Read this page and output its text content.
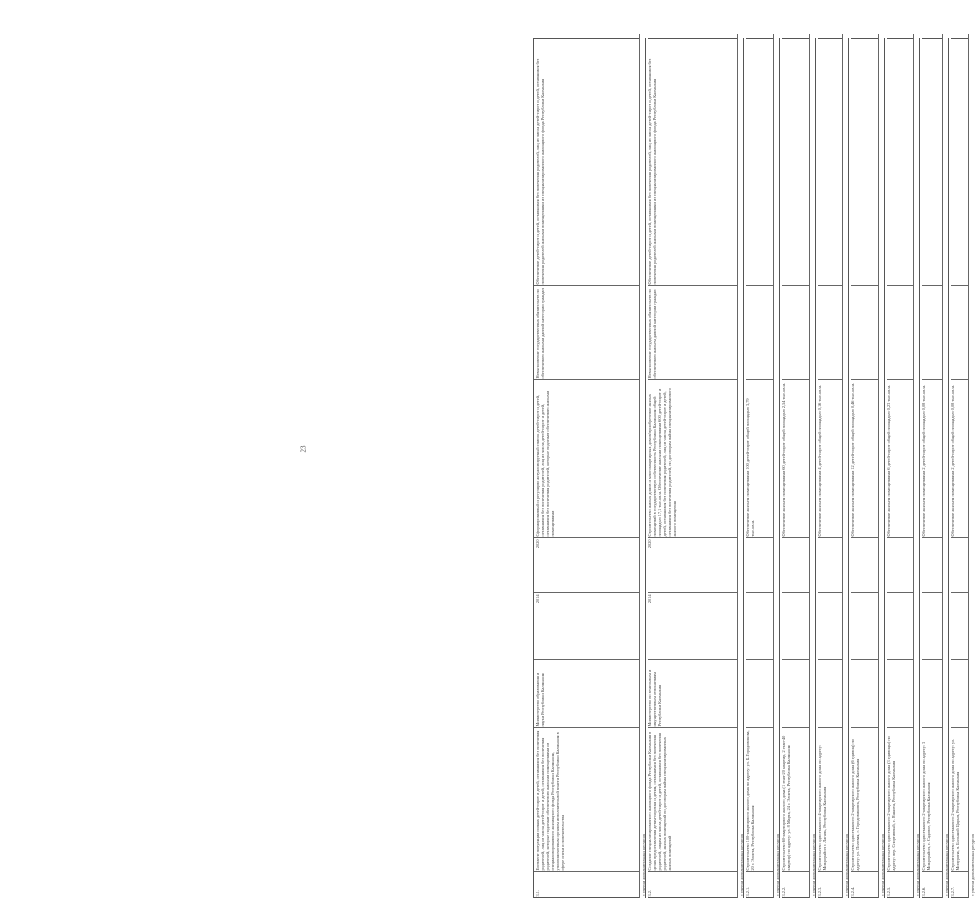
23
3.1.
Еонтаене популяции синаах детей-сирот и детей, оставшихся без попечения родителей, лиц из числа детей-сирот и детей, оставшихся без попечения родителей, которые подлежат обеспечению жилыми помещениями из специализированного жилищного фонда Республики Калмыкия, уполномоченным органом исполнительной власти Республики Калмыкия в сфере опеки и попечительства
Министерство образования и науки Республики Калмыкия
2014
2020
Сформированный и регулярно актуализируемый список детей-сирот и детей, оставшихся без попечения родителей, лиц из числа детей-сирот и детей, оставшихся без попечения родителей, которые подлежат обеспечению жилыми помещениями
Невыполнение государственных обязательств по обеспечению жилыми данной категории граждан
Обеспечение детей-сирот и детей, оставшихся без попечения родителей, лиц из числа детей-сирот и детей, оставшихся без попечения родителей жилыми помещениями из специализированного жилищного фонда Республики Калмыкия
с учетом дополнительных ресурсов 3.2.
Создание специализированного жилищного фонда Республики Калмыкия в целях предоставления детям-сиротам и детям, оставшимся без попечения родителей, лицам из числа детей-сирот и детей, оставшихся без попечения родителей, жилых помещений по договорам найма специализированных жилых помещений
Министерство по земельным и имущественным отношениям Республики Калмыкия
2014
2020
Строительство жилых домов и многоквартирных домов/приобретение жилых помещений в государственную собственность Республики Калмыкия общей площадью 17,1 тыс.кв.м. Обеспечение жилыми помещениями 600 детей-сирот и детей, оставшихся без попечения родителей, лиц из числа детей-сирот и детей, оставшихся без попечения родителей, по договорам найма специализированного жилого помещения
Невыполнение государственных обязательств по обеспечению жильем данной категории граждан
Обеспечение детей-сирот и детей, оставшихся без попечения родителей, лиц из числа детей-сирот и детей, оставшихся без попечения родителей жилыми помещениями из специализированного жилищного фонда Республики Калмыкия
с учетом дополнительных ресурсов 3.2.1.
Строительство 100-квартирного жилого дома по адресу: ул. Б.Городовикова, 20 г. Элиста, Республика Калмыкия
Обеспечение жильем помещениями 100 детей-сирот общей площадью 3,79 тыс.кв.м.
с учетом дополнительных ресурсов 3.2.2.
Строительство 60-квартирного жилого дома (1 этап-20 квартир, 2 этап-40 квартир) по адресу: ул. 8 Марта, 24 г. Элиста, Республика Калмыкия
Обеспечение жильем помещениями 60 детей-сирот общей площадью 2,54 тыс.кв.м.
с учетом дополнительных ресурсов 3.2.3.
Строительство одноэтажного 4-квартирного жилого дома по адресу: Микрорайон г. Лагань, Республика Калмыкия
Обеспечение жильем помещениями 4 детей-сирот общей площадью 0,16 тыс.кв.м.
с учетом дополнительных ресурсов 3.2.4.
Строительство одноэтажного 2-квартирного жилого дома (6 единиц) по адресу: ул. Полевая, г. Городовиковск, Республика Калмыкия
Обеспечение жильем помещениями 12 детей-сирот общей площадью 0,46 тыс.кв.м.
с учетом дополнительных ресурсов 3.2.5.
Строительство одноэтажного 2-квартирного жилого дома (3 единицы) по адресу: пер. Спортивный, с. Яшалта, Республика Калмыкия
Обеспечение жильем помещениями 6 детей-сирот общей площадью 0,23 тыс.кв.м.
с учетом дополнительных ресурсов 3.2.6.
Строительство одноэтажного 2-квартирного жилого дома по адресу: 3 Микрорайон, с. Садовое, Республика Калмыкия
Обеспечение жильем помещениями 2 детей-сирот общей площадью 0,08 тыс.кв.м.
с учетом дополнительных ресурсов 3.2.7.
Строительство одноэтажного 2-квартирного жилого дома по адресу: ул. Мичурина, п. Большой Царын, Республика Калмыкия
Обеспечение жильем помещениями 2 детей-сирот общей площадью 0,08 тыс.кв.м.
с учетом дополнительных ресурсов
